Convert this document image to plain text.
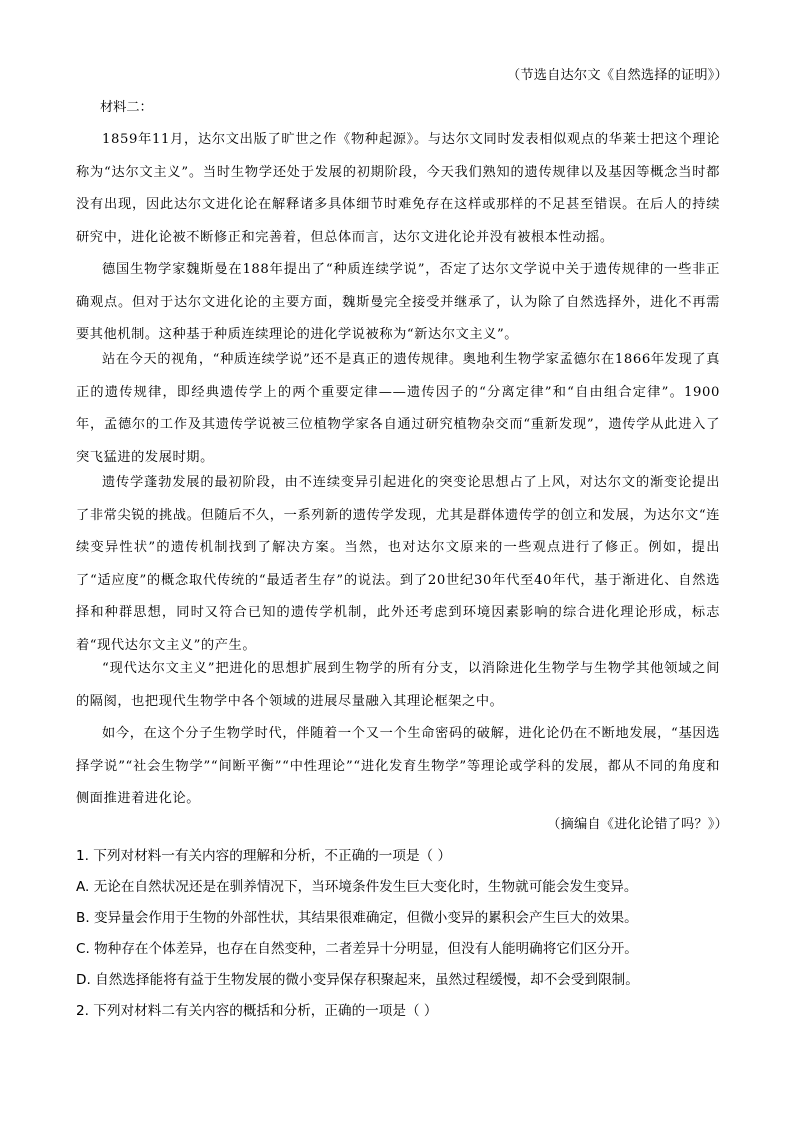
（节选自达尔文《自然选择的证明》）
材料二：

1859年11月，达尔文出版了旷世之作《物种起源》。与达尔文同时发表相似观点的华莱士把这个理论称为“达尔文主义”。当时生物学还处于发展的初期阶段，今天我们熟知的遗传规律以及基因等概念当时都没有出现，因此达尔文进化论在解释诸多具体细节时难免存在这样或那样的不足甚至错误。在后人的持续研究中，进化论被不断修正和完善着，但总体而言，达尔文进化论并没有被根本性动摇。

德国生物学家魏斯曼在188年提出了“种质连续学说”，否定了达尔文学说中关于遗传规律的一些非正确观点。但对于达尔文进化论的主要方面，魏斯曼完全接受并继承了，认为除了自然选择外，进化不再需要其他机制。这种基于种质连续理论的进化学说被称为“新达尔文主义”。

站在今天的视角，“种质连续学说”还不是真正的遗传规律。奥地利生物学家孟德尔在1866年发现了真正的遗传规律，即经典遗传学上的两个重要定律——遗传因子的“分离定律”和“自由组合定律”。1900年，孟德尔的工作及其遗传学说被三位植物学家各自通过研究植物杂交而“重新发现”，遗传学从此进入了突飞猛进的发展时期。

遗传学蓬勃发展的最初阶段，由不连续变异引起进化的突变论思想占了上风，对达尔文的渐变论提出了非常尖锐的挑战。但随后不久，一系列新的遗传学发现，尤其是群体遗传学的创立和发展，为达尔文“连续变异性状”的遗传机制找到了解决方案。当然，也对达尔文原来的一些观点进行了修正。例如，提出了“适应度”的概念取代传统的“最适者生存”的说法。到了20世纪30年代至40年代，基于渐进化、自然选择和种群思想，同时又符合已知的遗传学机制，此外还考虑到环境因素影响的综合进化理论形成，标志着“现代达尔文主义”的产生。

“现代达尔文主义”把进化的思想扩展到生物学的所有分支，以消除进化生物学与生物学其他领域之间的隔阂，也把现代生物学中各个领域的进展尽量融入其理论框架之中。

如今，在这个分子生物学时代，伴随着一个又一个生命密码的破解，进化论仍在不断地发展，“基因选择学说”“社会生物学”“间断平衡”“中性理论”“进化发育生物学”等理论或学科的发展，都从不同的角度和侧面推进着进化论。

（摘编自《进化论错了吗？》）
1. 下列对材料一有关内容的理解和分析，不正确的一项是（ ）
A. 无论在自然状况还是在驯养情况下，当环境条件发生巨大变化时，生物就可能会发生变异。
B. 变异量会作用于生物的外部性状，其结果很难确定，但微小变异的累积会产生巨大的效果。
C. 物种存在个体差异，也存在自然变种，二者差异十分明显，但没有人能明确将它们区分开。
D. 自然选择能将有益于生物发展的微小变异保存积聚起来，虽然过程缓慢，却不会受到限制。
2. 下列对材料二有关内容的概括和分析，正确的一项是（ ）
